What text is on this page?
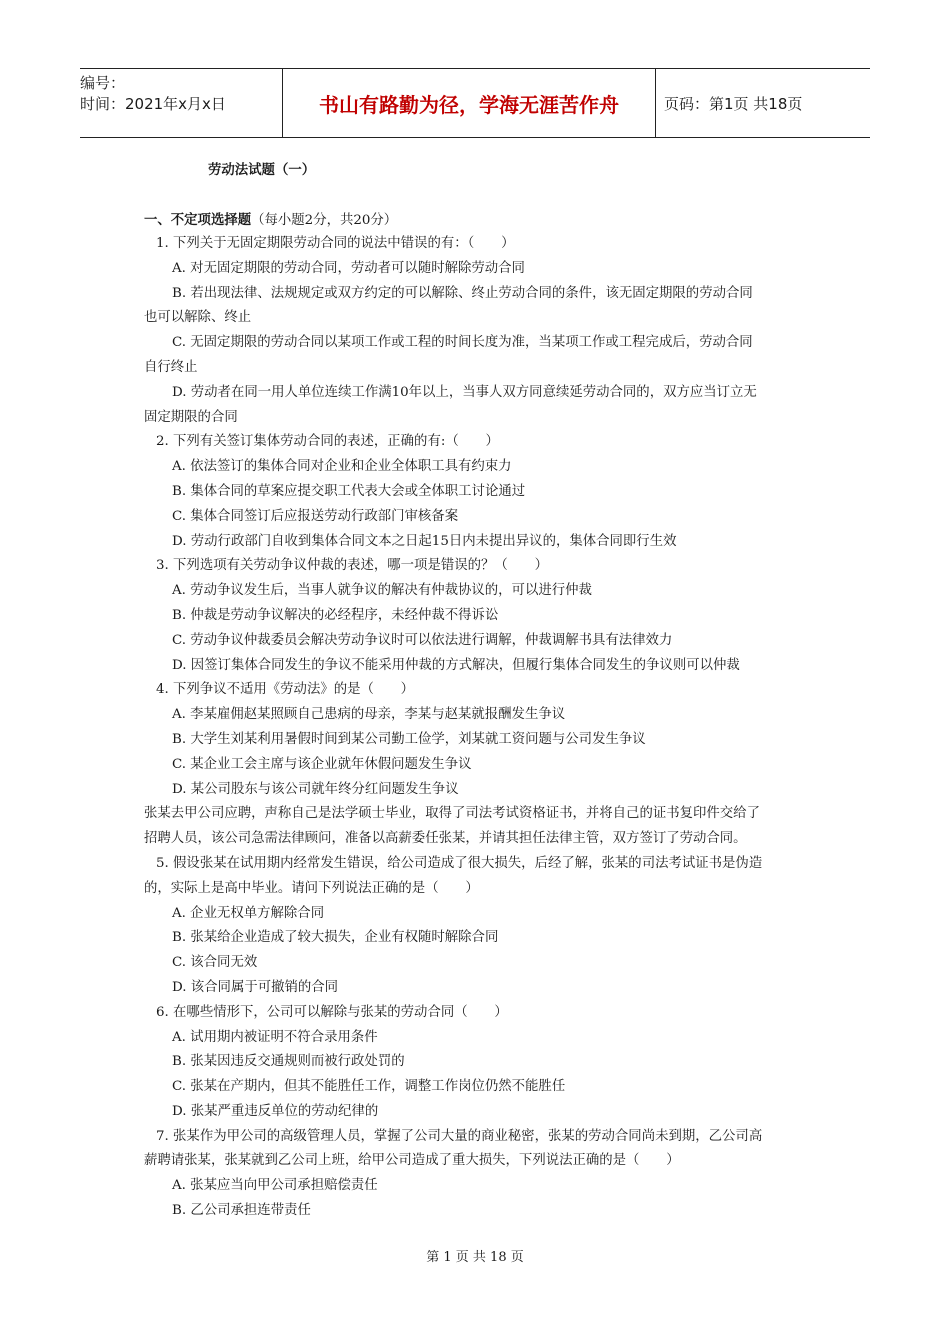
编号：
时间：2021年x月x日	书山有路勤为径，学海无涯苦作舟	页码：第1页 共18页
劳动法试题（一）
一、不定项选择题（每小题2分，共20分）
1. 下列关于无固定期限劳动合同的说法中错误的有：（　　）
A. 对无固定期限的劳动合同，劳动者可以随时解除劳动合同
B. 若出现法律、法规规定或双方约定的可以解除、终止劳动合同的条件，该无固定期限的劳动合同
也可以解除、终止
C. 无固定期限的劳动合同以某项工作或工程的时间长度为准，当某项工作或工程完成后，劳动合同
自行终止
D. 劳动者在同一用人单位连续工作满10年以上，当事人双方同意续延劳动合同的，双方应当订立无
固定期限的合同
2. 下列有关签订集体劳动合同的表述，正确的有:（　　）
A. 依法签订的集体合同对企业和企业全体职工具有约束力
B. 集体合同的草案应提交职工代表大会或全体职工讨论通过
C. 集体合同签订后应报送劳动行政部门审核备案
D. 劳动行政部门自收到集体合同文本之日起15日内未提出异议的，集体合同即行生效
3. 下列选项有关劳动争议仲裁的表述，哪一项是错误的？（　　）
A. 劳动争议发生后，当事人就争议的解决有仲裁协议的，可以进行仲裁
B. 仲裁是劳动争议解决的必经程序，未经仲裁不得诉讼
C. 劳动争议仲裁委员会解决劳动争议时可以依法进行调解，仲裁调解书具有法律效力
D. 因签订集体合同发生的争议不能采用仲裁的方式解决，但履行集体合同发生的争议则可以仲裁
4. 下列争议不适用《劳动法》的是（　　）
A. 李某雇佣赵某照顾自己患病的母亲，李某与赵某就报酬发生争议
B. 大学生刘某利用暑假时间到某公司勤工俭学，刘某就工资问题与公司发生争议
C. 某企业工会主席与该企业就年休假问题发生争议
D. 某公司股东与该公司就年终分红问题发生争议
张某去甲公司应聘，声称自己是法学硕士毕业，取得了司法考试资格证书，并将自己的证书复印件交给了
招聘人员，该公司急需法律顾问，准备以高薪委任张某，并请其担任法律主管，双方签订了劳动合同。
5. 假设张某在试用期内经常发生错误，给公司造成了很大损失，后经了解，张某的司法考试证书是伪造
的，实际上是高中毕业。请问下列说法正确的是（　　）
A. 企业无权单方解除合同
B. 张某给企业造成了较大损失，企业有权随时解除合同
C. 该合同无效
D. 该合同属于可撤销的合同
6. 在哪些情形下，公司可以解除与张某的劳动合同（　　）
A. 试用期内被证明不符合录用条件
B. 张某因违反交通规则而被行政处罚的
C. 张某在产期内，但其不能胜任工作，调整工作岗位仍然不能胜任
D. 张某严重违反单位的劳动纪律的
7. 张某作为甲公司的高级管理人员，掌握了公司大量的商业秘密，张某的劳动合同尚未到期，乙公司高
薪聘请张某，张某就到乙公司上班，给甲公司造成了重大损失，下列说法正确的是（　　）
A. 张某应当向甲公司承担赔偿责任
B. 乙公司承担连带责任
第 1 页 共 18 页
